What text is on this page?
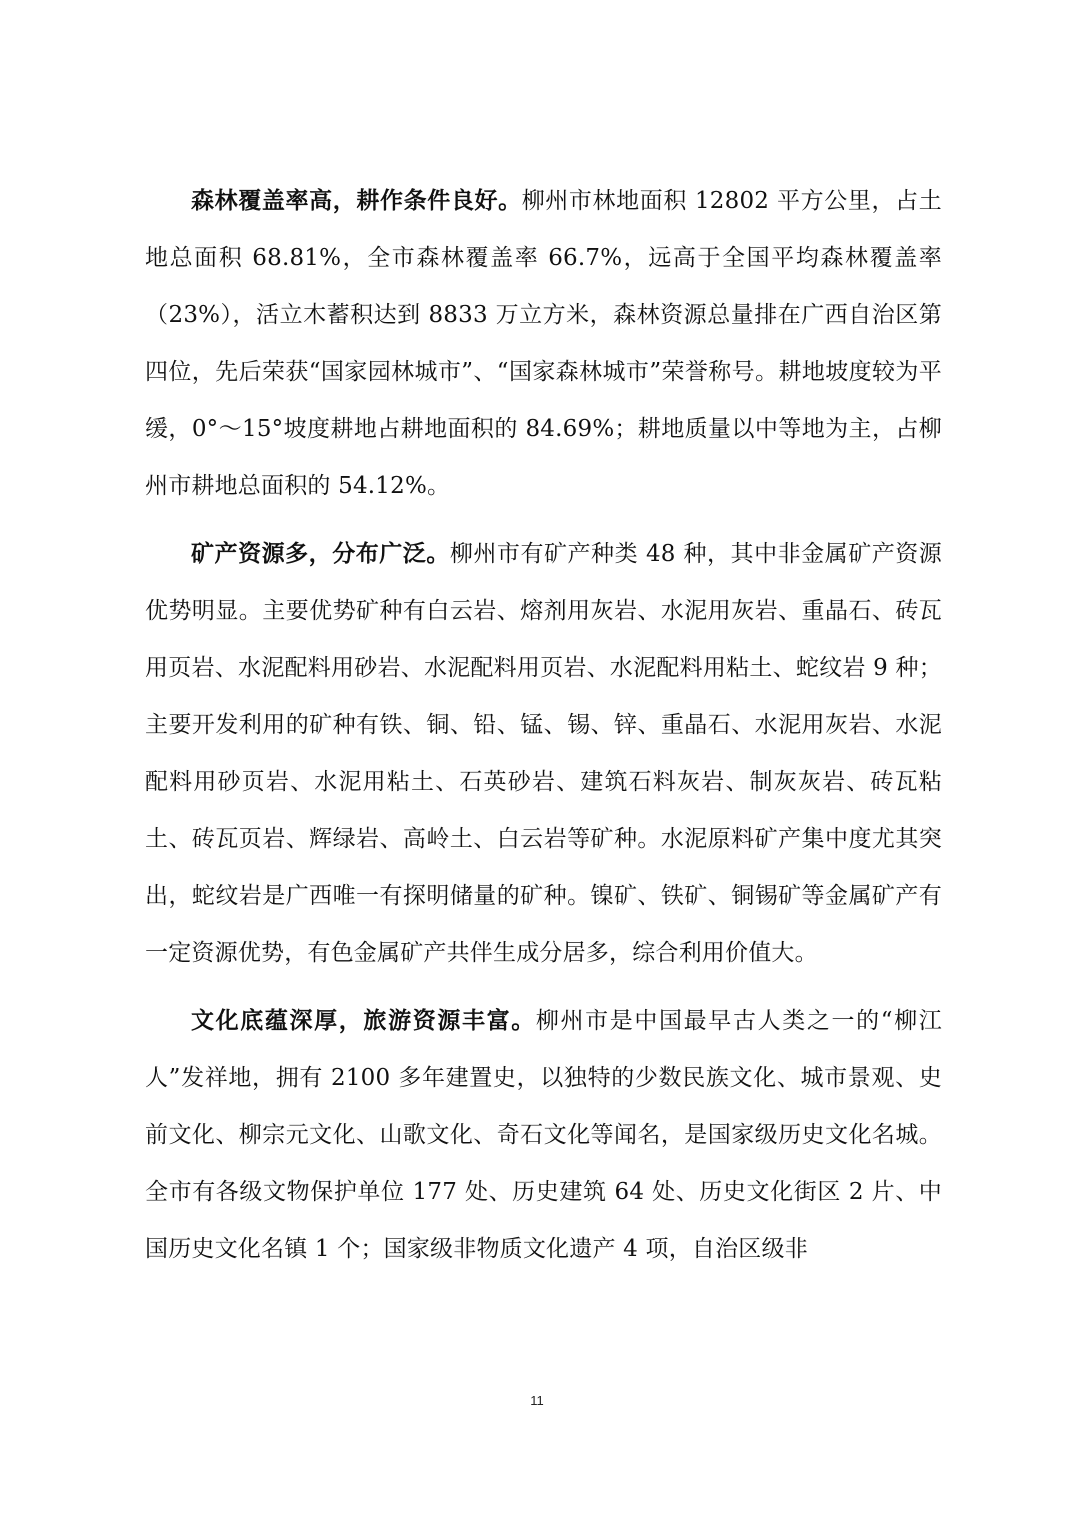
森林覆盖率高，耕作条件良好。柳州市林地面积 12802 平方公里，占土地总面积 68.81%，全市森林覆盖率 66.7%，远高于全国平均森林覆盖率（23%），活立木蓄积达到 8833 万立方米，森林资源总量排在广西自治区第四位，先后荣获“国家园林城市”、“国家森林城市”荣誉称号。耕地坡度较为平缓，0°～15°坡度耕地占耕地面积的 84.69%；耕地质量以中等地为主，占柳州市耕地总面积的 54.12%。

矿产资源多，分布广泛。柳州市有矿产种类 48 种，其中非金属矿产资源优势明显。主要优势矿种有白云岩、熔剂用灰岩、水泥用灰岩、重晶石、砖瓦用页岩、水泥配料用砂岩、水泥配料用页岩、水泥配料用粘土、蛇纹岩 9 种；主要开发利用的矿种有铁、铜、铅、锰、锡、锌、重晶石、水泥用灰岩、水泥配料用砂页岩、水泥用粘土、石英砂岩、建筑石料灰岩、制灰灰岩、砖瓦粘土、砖瓦页岩、辉绿岩、高岭土、白云岩等矿种。水泥原料矿产集中度尤其突出，蛇纹岩是广西唯一有探明储量的矿种。镍矿、铁矿、铜锡矿等金属矿产有一定资源优势，有色金属矿产共伴生成分居多，综合利用价值大。

文化底蕴深厚，旅游资源丰富。柳州市是中国最早古人类之一的“柳江人”发祥地，拥有 2100 多年建置史，以独特的少数民族文化、城市景观、史前文化、柳宗元文化、山歌文化、奇石文化等闻名，是国家级历史文化名城。全市有各级文物保护单位 177 处、历史建筑 64 处、历史文化街区 2 片、中国历史文化名镇 1 个；国家级非物质文化遗产 4 项，自治区级非

11
